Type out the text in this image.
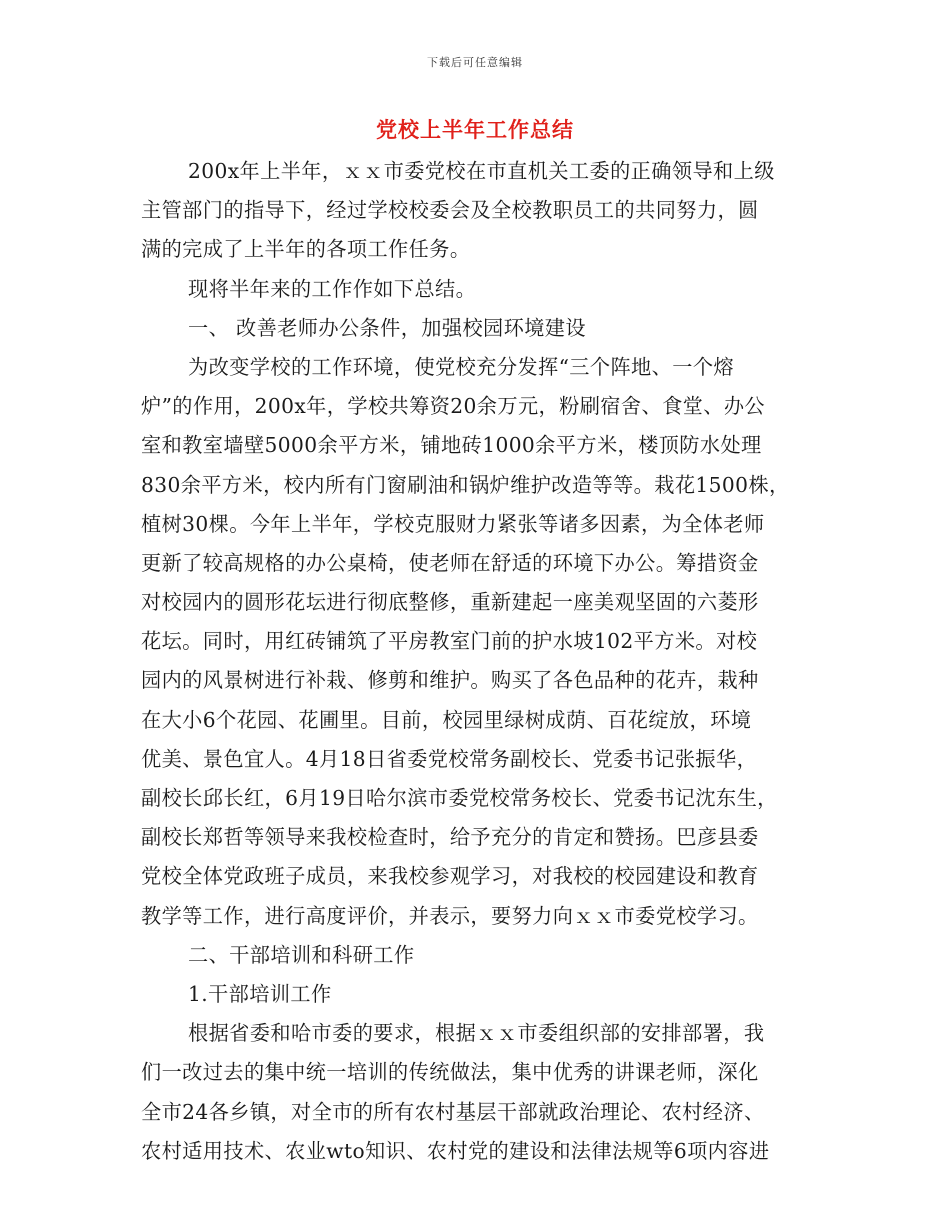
下载后可任意编辑
党校上半年工作总结
200x年上半年，ｘｘ市委党校在市直机关工委的正确领导和上级
主管部门的指导下，经过学校校委会及全校教职员工的共同努力，圆
满的完成了上半年的各项工作任务。
现将半年来的工作作如下总结。
一、 改善老师办公条件，加强校园环境建设
为改变学校的工作环境，使党校充分发挥“三个阵地、一个熔
炉”的作用，200x年，学校共筹资20余万元，粉刷宿舍、食堂、办公
室和教室墙壁5000余平方米，铺地砖1000余平方米，楼顶防水处理
830余平方米，校内所有门窗刷油和锅炉维护改造等等。栽花1500株，
植树30棵。今年上半年，学校克服财力紧张等诸多因素，为全体老师
更新了较高规格的办公桌椅，使老师在舒适的环境下办公。筹措资金
对校园内的圆形花坛进行彻底整修，重新建起一座美观坚固的六菱形
花坛。同时，用红砖铺筑了平房教室门前的护水坡102平方米。对校
园内的风景树进行补栽、修剪和维护。购买了各色品种的花卉，栽种
在大小6个花园、花圃里。目前，校园里绿树成荫、百花绽放，环境
优美、景色宜人。4月18日省委党校常务副校长、党委书记张振华，
副校长邱长红，6月19日哈尔滨市委党校常务校长、党委书记沈东生，
副校长郑哲等领导来我校检查时，给予充分的肯定和赞扬。巴彦县委
党校全体党政班子成员，来我校参观学习，对我校的校园建设和教育
教学等工作，进行高度评价，并表示，要努力向ｘｘ市委党校学习。
二、干部培训和科研工作
1.干部培训工作
根据省委和哈市委的要求，根据ｘｘ市委组织部的安排部署，我
们一改过去的集中统一培训的传统做法，集中优秀的讲课老师，深化
全市24各乡镇，对全市的所有农村基层干部就政治理论、农村经济、
农村适用技术、农业wto知识、农村党的建设和法律法规等6项内容进
